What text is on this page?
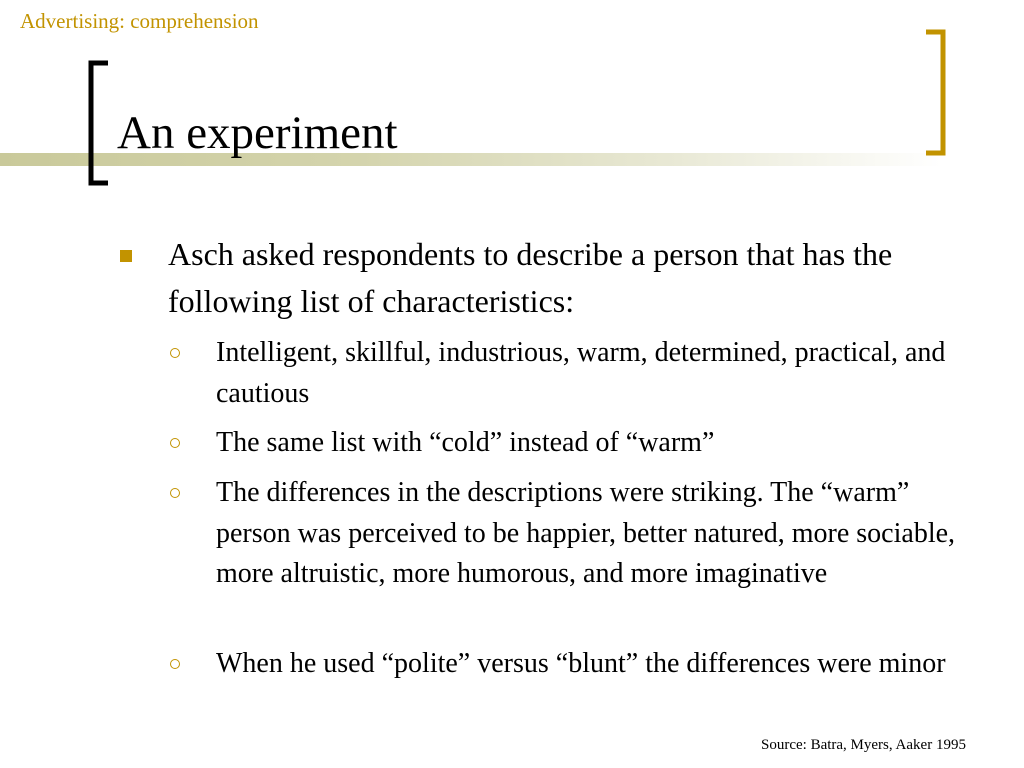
Advertising: comprehension
An experiment
Asch asked respondents to describe a person that has the following list of characteristics:
Intelligent, skillful, industrious, warm, determined, practical, and cautious
The same list with “cold” instead of “warm”
The differences in the descriptions were striking. The “warm” person was perceived to be happier, better natured, more sociable, more altruistic, more humorous, and more imaginative
When he used “polite” versus “blunt” the differences were minor
Source: Batra, Myers, Aaker 1995
